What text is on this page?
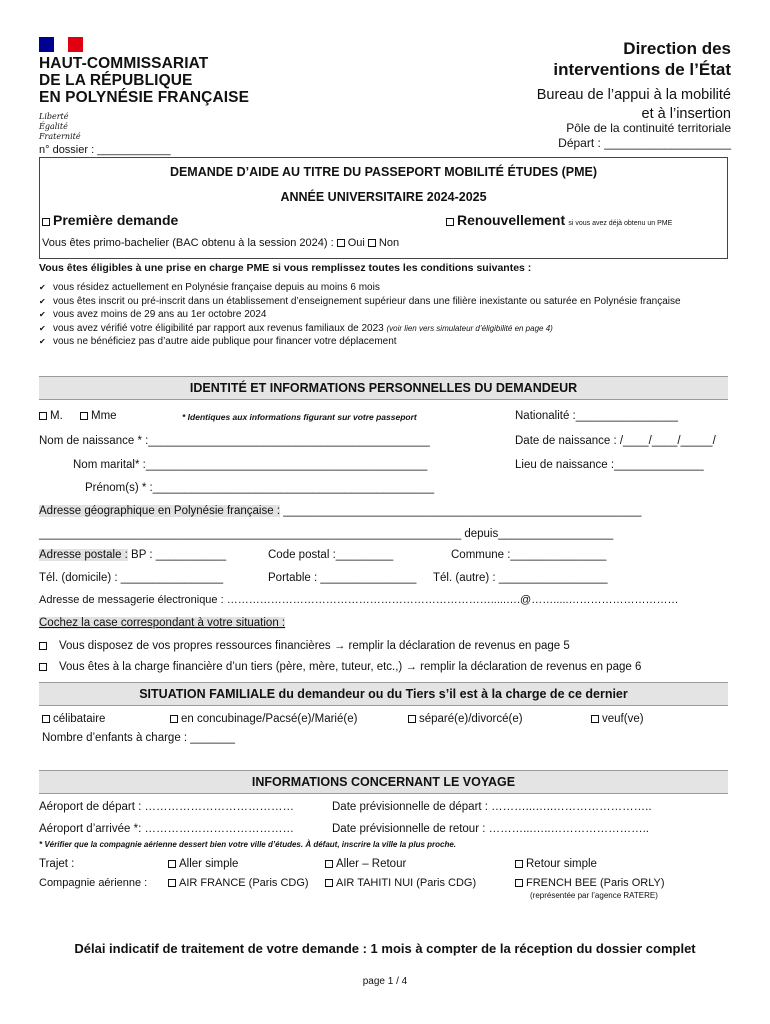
HAUT-COMMISSARIAT
DE LA RÉPUBLIQUE
EN POLYNÉSIE FRANÇAISE
Liberté
Égalité
Fraternité
n° dossier : ____________
Direction des
interventions de l’État
Bureau de l’appui à la mobilité
et à l’insertion
Pôle de la continuité territoriale
Départ : ___________________
DEMANDE D’AIDE AU TITRE DU PASSEPORT MOBILITÉ ÉTUDES (PME)
ANNÉE UNIVERSITAIRE 2024-2025
Première demande	Renouvellement si vous avez déjà obtenu un PME
Vous êtes primo-bachelier (BAC obtenu à la session 2024) : Oui Non
Vous êtes éligibles à une prise en charge PME si vous remplissez toutes les conditions suivantes :
✔ vous résidez actuellement en Polynésie française depuis au moins 6 mois
✔ vous êtes inscrit ou pré-inscrit dans un établissement d’enseignement supérieur dans une filière inexistante ou saturée en Polynésie française
✔ vous avez moins de 29 ans au 1er octobre 2024
✔ vous avez vérifié votre éligibilité par rapport aux revenus familiaux de 2023 (voir lien vers simulateur d’éligibilité en page 4)
✔ vous ne bénéficiez pas d’autre aide publique pour financer votre déplacement
IDENTITÉ ET INFORMATIONS PERSONNELLES DU DEMANDEUR
M.	Mme	* Identiques aux informations figurant sur votre passeport	Nationalité :________________
Nom de naissance * :____________________________________________	Date de naissance : /____/____/_____/
Nom marital* :____________________________________________	Lieu de naissance :______________
Prénom(s) * :____________________________________________
Adresse géographique en Polynésie française : ________________________________________________________
__________________________________________________________________ depuis__________________
Adresse postale : BP : ___________	Code postal :_________	Commune :_______________
Tél. (domicile) : ________________	Portable : _______________ Tél. (autre) : _________________
Adresse de messagerie électronique : ……………………………………………………………….....….@…….....…………………………
Cochez la case correspondant à votre situation :
Vous disposez de vos propres ressources financières → remplir la déclaration de revenus en page 5
Vous êtes à la charge financière d’un tiers (père, mère, tuteur, etc.,) → remplir la déclaration de revenus en page 6
SITUATION FAMILIALE du demandeur ou du Tiers s’il est à la charge de ce dernier
célibataire	en concubinage/Pacsé(e)/Marié(e)	séparé(e)/divorcé(e)	veuf(ve)
Nombre d’enfants à charge : _______
INFORMATIONS CONCERNANT LE VOYAGE
Aéroport de départ : …………………………………	Date prévisionnelle de départ : ………...…..……………………..
Aéroport d’arrivée *: …………………………………	Date prévisionnelle de retour : ………...…..……………………..
* Vérifier que la compagnie aérienne dessert bien votre ville d’études. À défaut, inscrire la ville la plus proche.
Trajet :	Aller simple	Aller – Retour	Retour simple
Compagnie aérienne :	AIR FRANCE (Paris CDG)	AIR TAHITI NUI (Paris CDG)	FRENCH BEE (Paris ORLY)
(représentée par l’agence RATERE)
Délai indicatif de traitement de votre demande : 1 mois à compter de la réception du dossier complet
page 1 / 4
